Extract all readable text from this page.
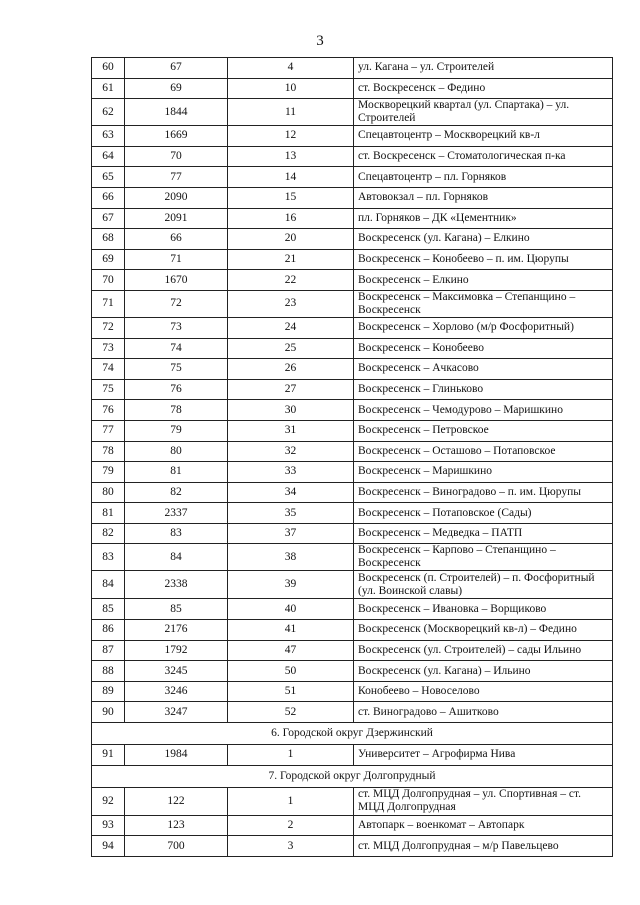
3
60	67	4	ул. Кагана – ул. Строителей
61	69	10	ст. Воскресенск – Федино
62	1844	11	Москворецкий квартал (ул. Спартака) – ул. Строителей
63	1669	12	Спецавтоцентр – Москворецкий кв-л
64	70	13	ст. Воскресенск – Стоматологическая п-ка
65	77	14	Спецавтоцентр – пл. Горняков
66	2090	15	Автовокзал – пл. Горняков
67	2091	16	пл. Горняков – ДК «Цементник»
68	66	20	Воскресенск (ул. Кагана) – Елкино
69	71	21	Воскресенск – Конобеево – п. им. Цюрупы
70	1670	22	Воскресенск – Елкино
71	72	23	Воскресенск – Максимовка – Степанщино – Воскресенск
72	73	24	Воскресенск – Хорлово (м/р Фосфоритный)
73	74	25	Воскресенск – Конобеево
74	75	26	Воскресенск – Ачкасово
75	76	27	Воскресенск – Глиньково
76	78	30	Воскресенск – Чемодурово – Маришкино
77	79	31	Воскресенск – Петровское
78	80	32	Воскресенск – Осташово – Потаповское
79	81	33	Воскресенск – Маришкино
80	82	34	Воскресенск – Виноградово – п. им. Цюрупы
81	2337	35	Воскресенск – Потаповское (Сады)
82	83	37	Воскресенск – Медведка – ПАТП
83	84	38	Воскресенск – Карпово – Степанщино – Воскресенск
84	2338	39	Воскресенск (п. Строителей) – п. Фосфоритный (ул. Воинской славы)
85	85	40	Воскресенск – Ивановка – Ворщиково
86	2176	41	Воскресенск (Москворецкий кв-л) – Федино
87	1792	47	Воскресенск (ул. Строителей) – сады Ильино
88	3245	50	Воскресенск (ул. Кагана) – Ильино
89	3246	51	Конобеево – Новоселово
90	3247	52	ст. Виноградово – Ашитково
6. Городской округ Дзержинский			
91	1984	1	Университет – Агрофирма Нива
7. Городской округ Долгопрудный			
92	122	1	ст. МЦД Долгопрудная – ул. Спортивная – ст. МЦД Долгопрудная
93	123	2	Автопарк – военкомат – Автопарк
94	700	3	ст. МЦД Долгопрудная – м/р Павельцево
